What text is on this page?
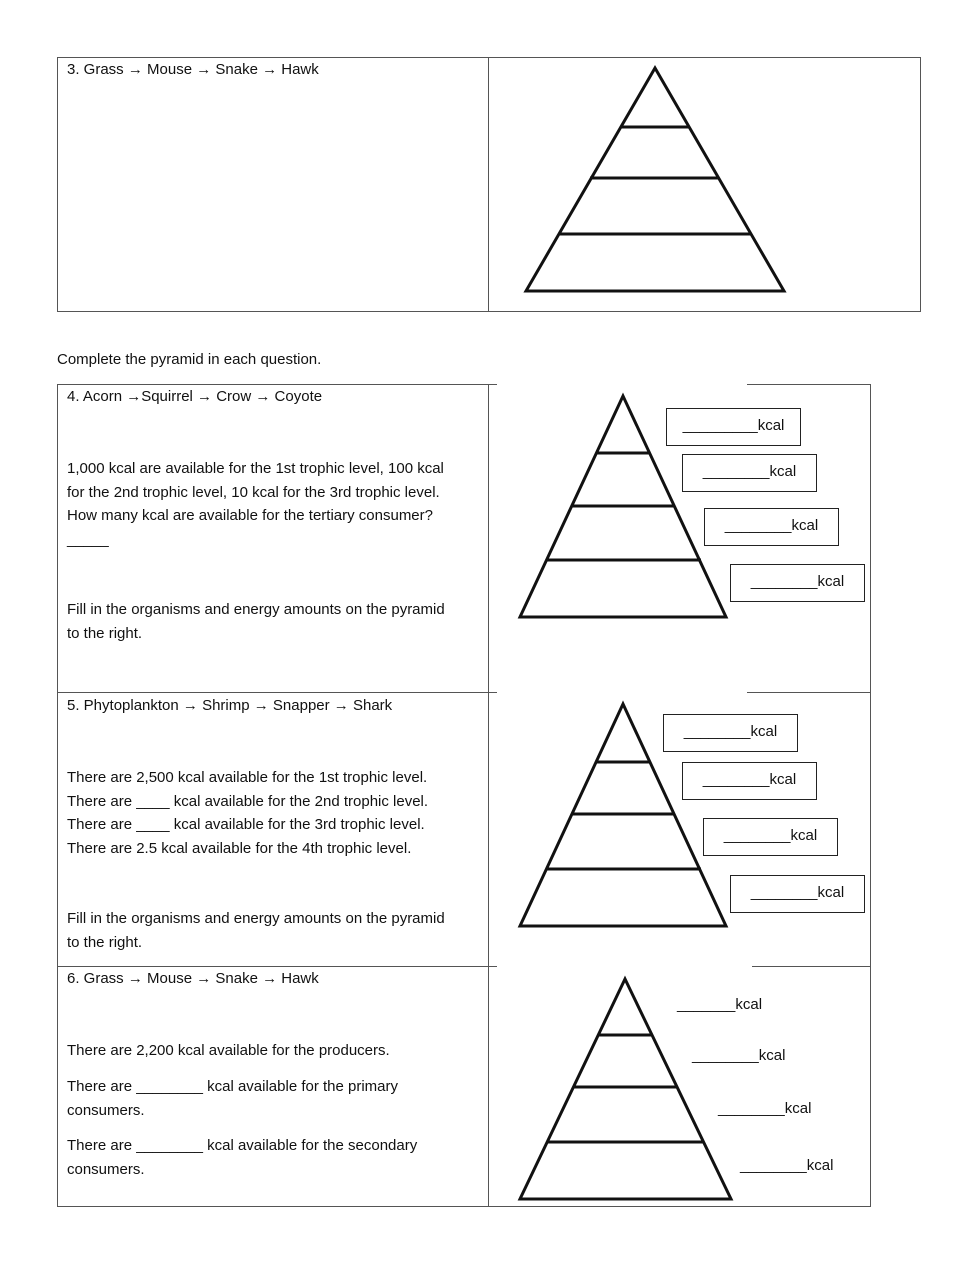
3. Grass → Mouse → Snake → Hawk
Complete the pyramid in each question.
4. Acorn →Squirrel → Crow → Coyote
1,000 kcal are available for the 1st trophic level, 100 kcal
for the 2nd trophic level, 10 kcal for the 3rd trophic level.
How many kcal are available for the tertiary consumer?
_____
Fill in the organisms and energy amounts on the pyramid
to the right.
_________kcal
________kcal
________kcal
________kcal
5. Phytoplankton → Shrimp → Snapper → Shark
There are 2,500 kcal available for the 1st trophic level.
There are ____ kcal available for the 2nd trophic level.
There are ____ kcal available for the 3rd trophic level.
There are 2.5 kcal available for the 4th trophic level.
Fill in the organisms and energy amounts on the pyramid
to the right.
________kcal
________kcal
________kcal
________kcal
6. Grass → Mouse → Snake → Hawk
There are 2,200 kcal available for the producers.
There are ________ kcal available for the primary
consumers.
There are ________ kcal available for the secondary
consumers.
_______kcal
________kcal
________kcal
________kcal
